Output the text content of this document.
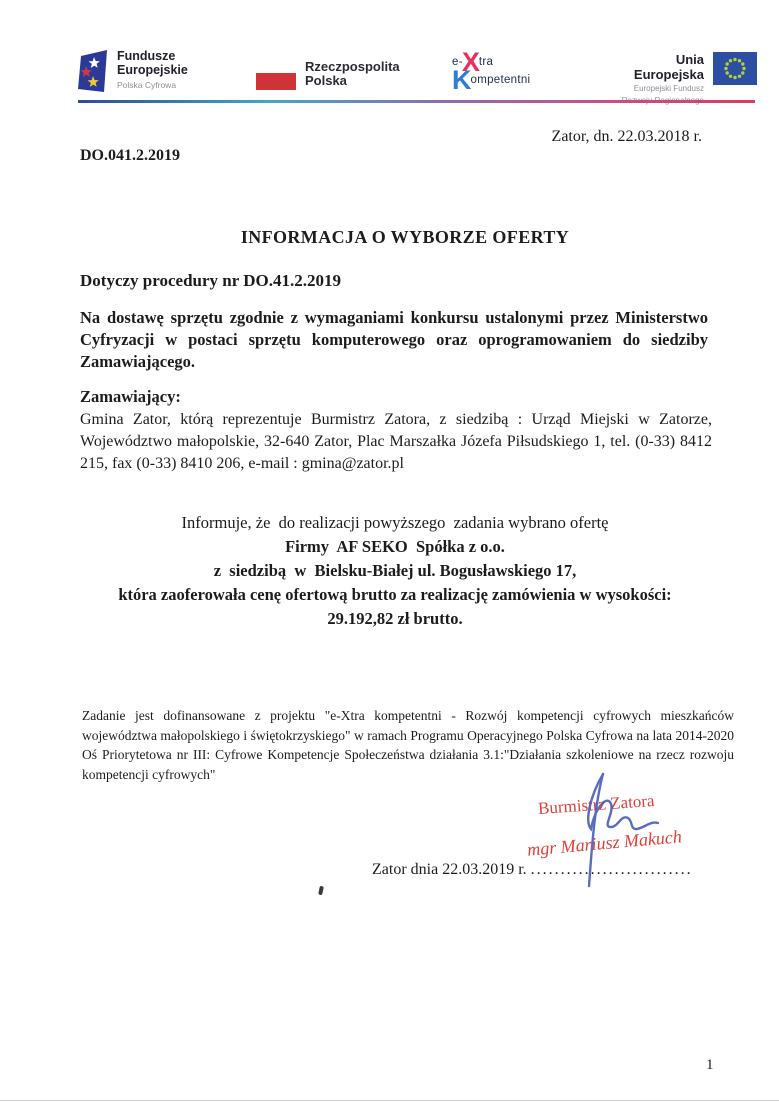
Fundusze
Europejskie
Polska Cyfrowa
Rzeczpospolita
Polska
e- X tra
K ompetentni
Unia Europejska
Europejski Fundusz
Zator, dn. 22.03.2018 r.
DO.041.2.2019
INFORMACJA O WYBORZE OFERTY
Dotyczy procedury nr DO.41.2.2019
Na dostawę sprzętu zgodnie z wymaganiami konkursu ustalonymi przez Ministerstwo Cyfryzacji w postaci sprzętu komputerowego oraz oprogramowaniem do siedziby Zamawiającego.
Zamawiający:
Gmina Zator, którą reprezentuje Burmistrz Zatora, z siedzibą : Urząd Miejski w Zatorze, Województwo małopolskie, 32-640 Zator, Plac Marszałka Józefa Piłsudskiego 1, tel. (0-33) 8412 215, fax (0-33) 8410 206, e-mail : gmina@zator.pl
Informuje, że  do realizacji powyższego  zadania wybrano ofertę
Firmy  AF SEKO  Spółka z o.o.
z  siedzibą  w  Bielsku-Białej ul. Bogusławskiego 17,
która zaoferowała cenę ofertową brutto za realizację zamówienia w wysokości:
29.192,82 zł brutto.
Zadanie jest dofinansowane z projektu "e-Xtra kompetentni - Rozwój kompetencji cyfrowych mieszkańców województwa małopolskiego i świętokrzyskiego" w ramach Programu Operacyjnego Polska Cyfrowa na lata 2014-2020 Oś Priorytetowa nr III: Cyfrowe Kompetencje Społeczeństwa działania 3.1:"Działania szkoleniowe na rzecz rozwoju kompetencji cyfrowych"
Burmistrz Zatora
mgr Mariusz Makuch
Zator dnia 22.03.2019 r. ...........................
1
